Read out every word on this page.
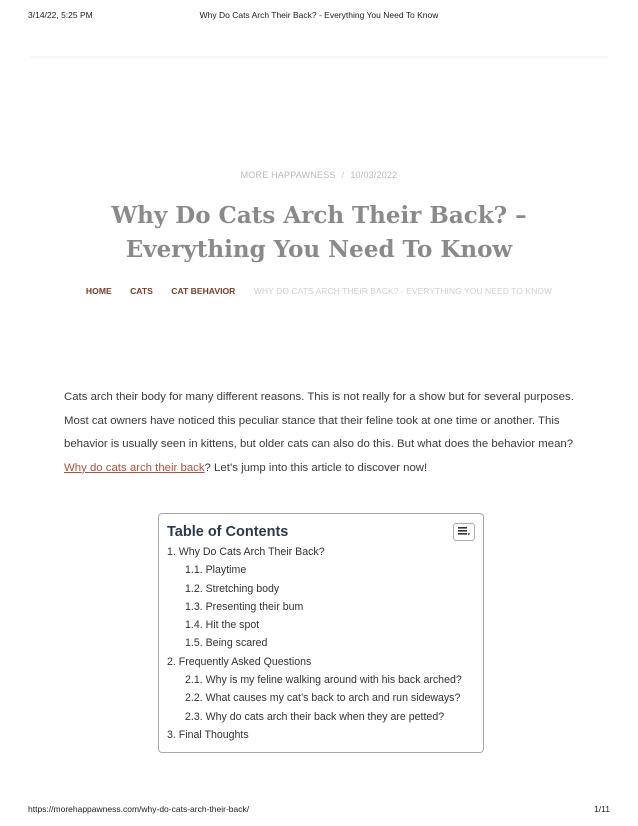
3/14/22, 5:25 PM	Why Do Cats Arch Their Back? - Everything You Need To Know
MORE HAPPAWNESS / 10/03/2022
Why Do Cats Arch Their Back? – Everything You Need To Know
HOME CATS CAT BEHAVIOR WHY DO CATS ARCH THEIR BACK? - EVERYTHING YOU NEED TO KNOW

Cats arch their body for many different reasons. This is not really for a show but for several purposes. Most cat owners have noticed this peculiar stance that their feline took at one time or another. This behavior is usually seen in kittens, but older cats can also do this. But what does the behavior mean? Why do cats arch their back? Let’s jump into this article to discover now!

Table of Contents
1. Why Do Cats Arch Their Back?
1.1. Playtime
1.2. Stretching body
1.3. Presenting their bum
1.4. Hit the spot
1.5. Being scared
2. Frequently Asked Questions
2.1. Why is my feline walking around with his back arched?
2.2. What causes my cat’s back to arch and run sideways?
2.3. Why do cats arch their back when they are petted?
3. Final Thoughts
https://morehappawness.com/why-do-cats-arch-their-back/	1/11
